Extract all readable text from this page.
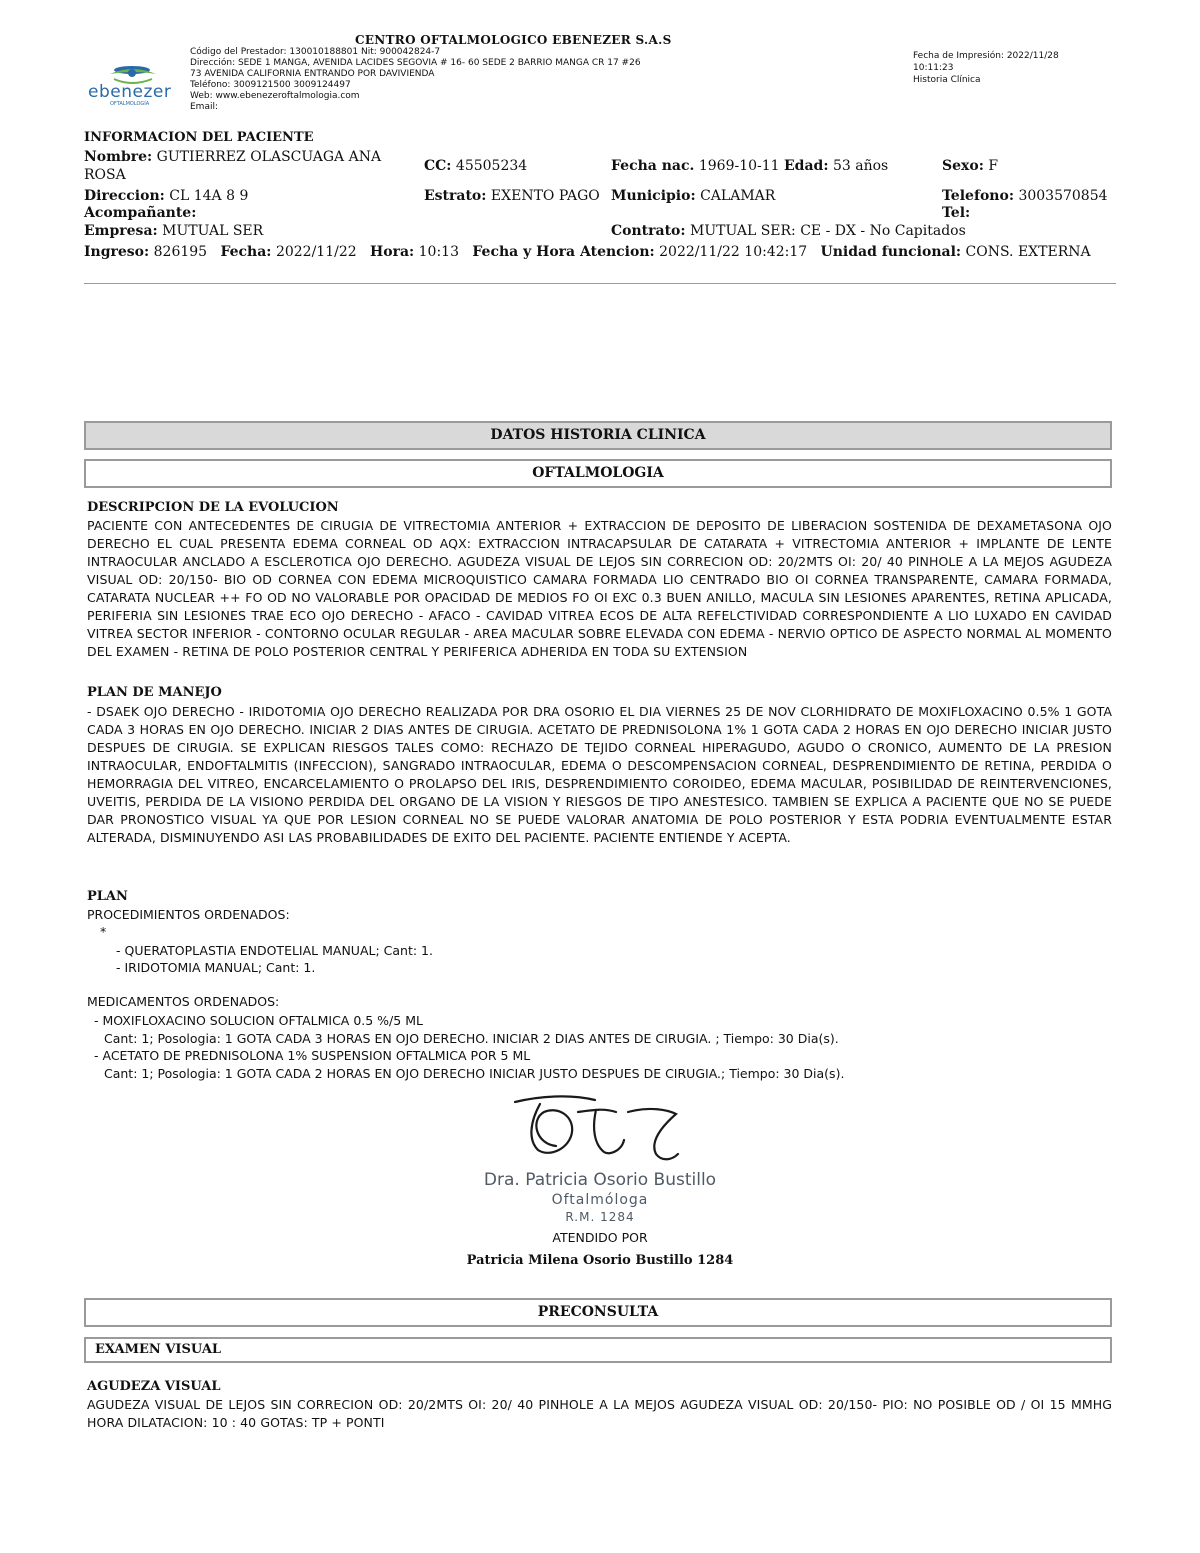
CENTRO OFTALMOLOGICO EBENEZER S.A.S
ebenezer
OFTALMOLOGÍA
Código del Prestador: 130010188801 Nit: 900042824-7
Dirección: SEDE 1 MANGA, AVENIDA LACIDES SEGOVIA # 16- 60 SEDE 2 BARRIO MANGA CR 17 #26
73 AVENIDA CALIFORNIA ENTRANDO POR DAVIVIENDA
Teléfono: 3009121500 3009124497
Web: www.ebenezeroftalmologia.com
Email:
Fecha de Impresión: 2022/11/28
10:11:23
Historia Clínica
INFORMACION DEL PACIENTE
Nombre: GUTIERREZ OLASCUAGA ANA
ROSA
CC: 45505234	Fecha nac. 1969-10-11 Edad: 53 años	Sexo: F
Direccion: CL 14A 8 9	Estrato: EXENTO PAGO Municipio: CALAMAR	Telefono: 3003570854
Acompañante:	Tel:
Empresa: MUTUAL SER	Contrato: MUTUAL SER: CE - DX - No Capitados
Ingreso: 826195 Fecha: 2022/11/22 Hora: 10:13 Fecha y Hora Atencion: 2022/11/22 10:42:17 Unidad funcional: CONS. EXTERNA
DATOS HISTORIA CLINICA
OFTALMOLOGIA
DESCRIPCION DE LA EVOLUCION
PACIENTE CON ANTECEDENTES DE CIRUGIA DE VITRECTOMIA ANTERIOR + EXTRACCION DE DEPOSITO DE LIBERACION SOSTENIDA DE DEXAMETASONA OJO DERECHO EL CUAL PRESENTA EDEMA CORNEAL OD AQX: EXTRACCION INTRACAPSULAR DE CATARATA + VITRECTOMIA ANTERIOR + IMPLANTE DE LENTE INTRAOCULAR ANCLADO A ESCLEROTICA OJO DERECHO. AGUDEZA VISUAL DE LEJOS SIN CORRECION OD: 20/2MTS OI: 20/ 40 PINHOLE A LA MEJOS AGUDEZA VISUAL OD: 20/150- BIO OD CORNEA CON EDEMA MICROQUISTICO CAMARA FORMADA LIO CENTRADO BIO OI CORNEA TRANSPARENTE, CAMARA FORMADA, CATARATA NUCLEAR ++ FO OD NO VALORABLE POR OPACIDAD DE MEDIOS FO OI EXC 0.3 BUEN ANILLO, MACULA SIN LESIONES APARENTES, RETINA APLICADA, PERIFERIA SIN LESIONES TRAE ECO OJO DERECHO - AFACO - CAVIDAD VITREA ECOS DE ALTA REFELCTIVIDAD CORRESPONDIENTE A LIO LUXADO EN CAVIDAD VITREA SECTOR INFERIOR - CONTORNO OCULAR REGULAR - AREA MACULAR SOBRE ELEVADA CON EDEMA - NERVIO OPTICO DE ASPECTO NORMAL AL MOMENTO DEL EXAMEN - RETINA DE POLO POSTERIOR CENTRAL Y PERIFERICA ADHERIDA EN TODA SU EXTENSION
PLAN DE MANEJO
- DSAEK OJO DERECHO - IRIDOTOMIA OJO DERECHO REALIZADA POR DRA OSORIO EL DIA VIERNES 25 DE NOV CLORHIDRATO DE MOXIFLOXACINO 0.5% 1 GOTA CADA 3 HORAS EN OJO DERECHO. INICIAR 2 DIAS ANTES DE CIRUGIA. ACETATO DE PREDNISOLONA 1% 1 GOTA CADA 2 HORAS EN OJO DERECHO INICIAR JUSTO DESPUES DE CIRUGIA. SE EXPLICAN RIESGOS TALES COMO: RECHAZO DE TEJIDO CORNEAL HIPERAGUDO, AGUDO O CRONICO, AUMENTO DE LA PRESION INTRAOCULAR, ENDOFTALMITIS (INFECCION), SANGRADO INTRAOCULAR, EDEMA O DESCOMPENSACION CORNEAL, DESPRENDIMIENTO DE RETINA, PERDIDA O HEMORRAGIA DEL VITREO, ENCARCELAMIENTO O PROLAPSO DEL IRIS, DESPRENDIMIENTO COROIDEO, EDEMA MACULAR, POSIBILIDAD DE REINTERVENCIONES, UVEITIS, PERDIDA DE LA VISIONO PERDIDA DEL ORGANO DE LA VISION Y RIESGOS DE TIPO ANESTESICO. TAMBIEN SE EXPLICA A PACIENTE QUE NO SE PUEDE DAR PRONOSTICO VISUAL YA QUE POR LESION CORNEAL NO SE PUEDE VALORAR ANATOMIA DE POLO POSTERIOR Y ESTA PODRIA EVENTUALMENTE ESTAR ALTERADA, DISMINUYENDO ASI LAS PROBABILIDADES DE EXITO DEL PACIENTE. PACIENTE ENTIENDE Y ACEPTA.
PLAN
PROCEDIMIENTOS ORDENADOS:
*
- QUERATOPLASTIA ENDOTELIAL MANUAL; Cant: 1.
- IRIDOTOMIA MANUAL; Cant: 1.
MEDICAMENTOS ORDENADOS:
- MOXIFLOXACINO SOLUCION OFTALMICA 0.5 %/5 ML
Cant: 1; Posologia: 1 GOTA CADA 3 HORAS EN OJO DERECHO. INICIAR 2 DIAS ANTES DE CIRUGIA. ; Tiempo: 30 Dia(s).
- ACETATO DE PREDNISOLONA 1% SUSPENSION OFTALMICA POR 5 ML
Cant: 1; Posologia: 1 GOTA CADA 2 HORAS EN OJO DERECHO INICIAR JUSTO DESPUES DE CIRUGIA.; Tiempo: 30 Dia(s).
Dra. Patricia Osorio Bustillo
Oftalmóloga
R.M. 1284
ATENDIDO POR
Patricia Milena Osorio Bustillo 1284
PRECONSULTA
EXAMEN VISUAL
AGUDEZA VISUAL
AGUDEZA VISUAL DE LEJOS SIN CORRECION OD: 20/2MTS OI: 20/ 40 PINHOLE A LA MEJOS AGUDEZA VISUAL OD: 20/150- PIO: NO POSIBLE OD / OI 15 MMHG HORA DILATACION: 10 : 40 GOTAS: TP + PONTI
